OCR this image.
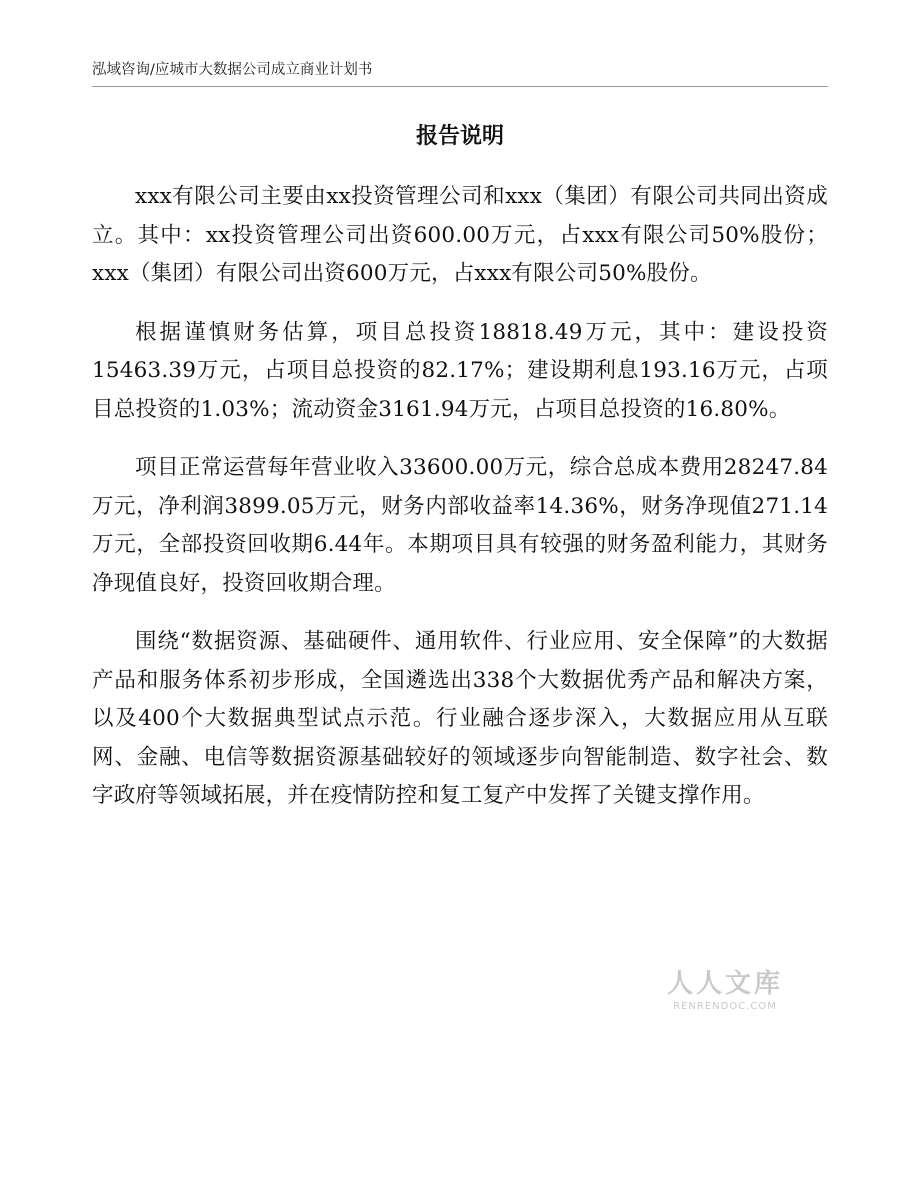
泓域咨询/应城市大数据公司成立商业计划书
报告说明

xxx有限公司主要由xx投资管理公司和xxx（集团）有限公司共同出资成立。其中：xx投资管理公司出资600.00万元，占xxx有限公司50%股份；xxx（集团）有限公司出资600万元，占xxx有限公司50%股份。

根据谨慎财务估算，项目总投资18818.49万元，其中：建设投资15463.39万元，占项目总投资的82.17%；建设期利息193.16万元，占项目总投资的1.03%；流动资金3161.94万元，占项目总投资的16.80%。

项目正常运营每年营业收入33600.00万元，综合总成本费用28247.84万元，净利润3899.05万元，财务内部收益率14.36%，财务净现值271.14万元，全部投资回收期6.44年。本期项目具有较强的财务盈利能力，其财务净现值良好，投资回收期合理。

围绕“数据资源、基础硬件、通用软件、行业应用、安全保障”的大数据产品和服务体系初步形成，全国遴选出338个大数据优秀产品和解决方案，以及400个大数据典型试点示范。行业融合逐步深入，大数据应用从互联网、金融、电信等数据资源基础较好的领域逐步向智能制造、数字社会、数字政府等领域拓展，并在疫情防控和复工复产中发挥了关键支撑作用。

人人文库
RENRENDOC.COM
